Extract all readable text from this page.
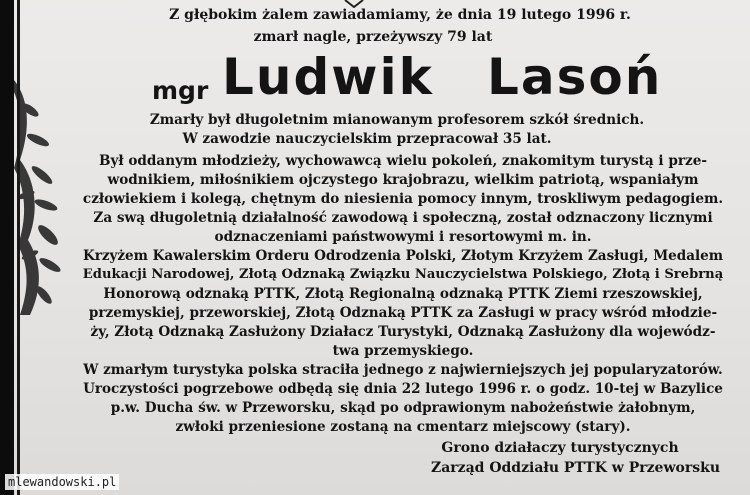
Z głębokim żalem zawiadamiamy, że dnia 19 lutego 1996 r.

zmarł nagle, przeżywszy 79 lat

mgr Ludwik Lasoń

Zmarły był długoletnim mianowanym profesorem szkół średnich.

W zawodzie nauczycielskim przepracował 35 lat.

Był oddanym młodzieży, wychowawcą wielu pokoleń, znakomitym turystą i prze-

wodnikiem, miłośnikiem ojczystego krajobrazu, wielkim patriotą, wspaniałym

człowiekiem i kolegą, chętnym do niesienia pomocy innym, troskliwym pedagogiem.

Za swą długoletnią działalność zawodową i społeczną, został odznaczony licznymi

odznaczeniami państwowymi i resortowymi m. in.

Krzyżem Kawalerskim Orderu Odrodzenia Polski, Złotym Krzyżem Zasługi, Medalem

Edukacji Narodowej, Złotą Odznaką Związku Nauczycielstwa Polskiego, Złotą i Srebrną

Honorową odznaką PTTK, Złotą Regionalną odznaką PTTK Ziemi rzeszowskiej,

przemyskiej, przeworskiej, Złotą Odznaką PTTK za Zasługi w pracy wśród młodzie-

ży, Złotą Odznaką Zasłużony Działacz Turystyki, Odznaką Zasłużony dla wojewódz-

twa przemyskiego.

W zmarłym turystyka polska straciła jednego z najwierniejszych jej popularyzatorów.

Uroczystości pogrzebowe odbędą się dnia 22 lutego 1996 r. o godz. 10-tej w Bazylice

p.w. Ducha św. w Przeworsku, skąd po odprawionym nabożeństwie żałobnym,

zwłoki przeniesione zostaną na cmentarz miejscowy (stary).

Grono działaczy turystycznych

Zarząd Oddziału PTTK w Przeworsku

mlewandowski.pl
